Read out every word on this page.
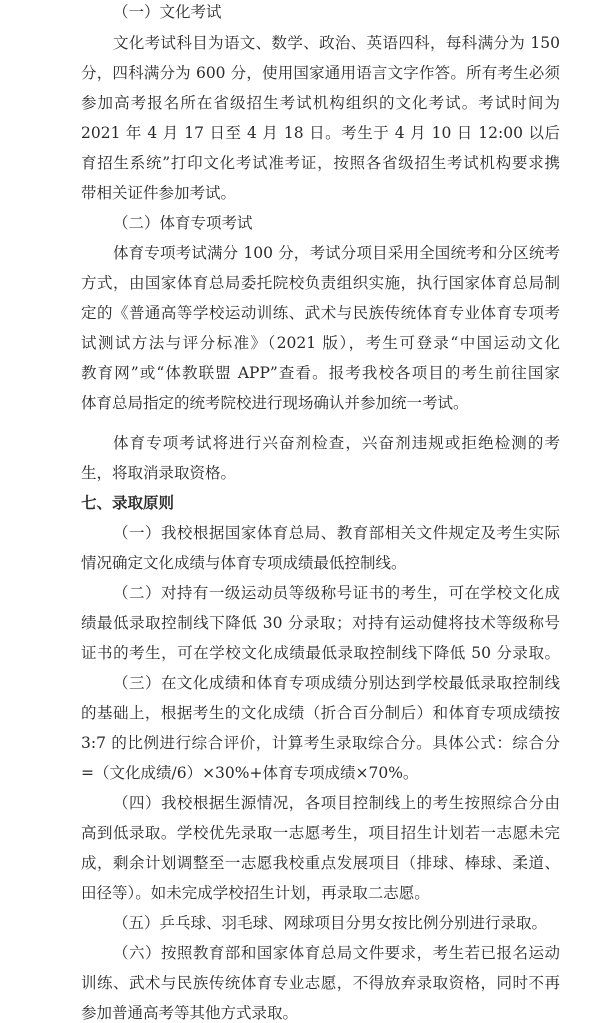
（一）文化考试
文化考试科目为语文、数学、政治、英语四科，每科满分为 150
分，四科满分为 600 分，使用国家通用语言文字作答。所有考生必须
参加高考报名所在省级招生考试机构组织的文化考试。考试时间为
2021 年 4 月 17 日至 4 月 18 日。考生于 4 月 10 日 12:00 以后
育招生系统”打印文化考试准考证，按照各省级招生考试机构要求携
带相关证件参加考试。
（二）体育专项考试
体育专项考试满分 100 分，考试分项目采用全国统考和分区统考
方式，由国家体育总局委托院校负责组织实施，执行国家体育总局制
定的《普通高等学校运动训练、武术与民族传统体育专业体育专项考
试测试方法与评分标准》（2021 版），考生可登录“中国运动文化
教育网”或“体教联盟 APP”查看。报考我校各项目的考生前往国家
体育总局指定的统考院校进行现场确认并参加统一考试。
体育专项考试将进行兴奋剂检查，兴奋剂违规或拒绝检测的考
生，将取消录取资格。
七、录取原则
（一）我校根据国家体育总局、教育部相关文件规定及考生实际
情况确定文化成绩与体育专项成绩最低控制线。
（二）对持有一级运动员等级称号证书的考生，可在学校文化成
绩最低录取控制线下降低 30 分录取；对持有运动健将技术等级称号
证书的考生，可在学校文化成绩最低录取控制线下降低 50 分录取。
（三）在文化成绩和体育专项成绩分别达到学校最低录取控制线
的基础上，根据考生的文化成绩（折合百分制后）和体育专项成绩按
3:7 的比例进行综合评价，计算考生录取综合分。具体公式：综合分
=（文化成绩/6）×30%+体育专项成绩×70%。
（四）我校根据生源情况，各项目控制线上的考生按照综合分由
高到低录取。学校优先录取一志愿考生，项目招生计划若一志愿未完
成，剩余计划调整至一志愿我校重点发展项目（排球、棒球、柔道、
田径等）。如未完成学校招生计划，再录取二志愿。
（五）乒乓球、羽毛球、网球项目分男女按比例分别进行录取。
（六）按照教育部和国家体育总局文件要求，考生若已报名运动
训练、武术与民族传统体育专业志愿，不得放弃录取资格，同时不再
参加普通高考等其他方式录取。
